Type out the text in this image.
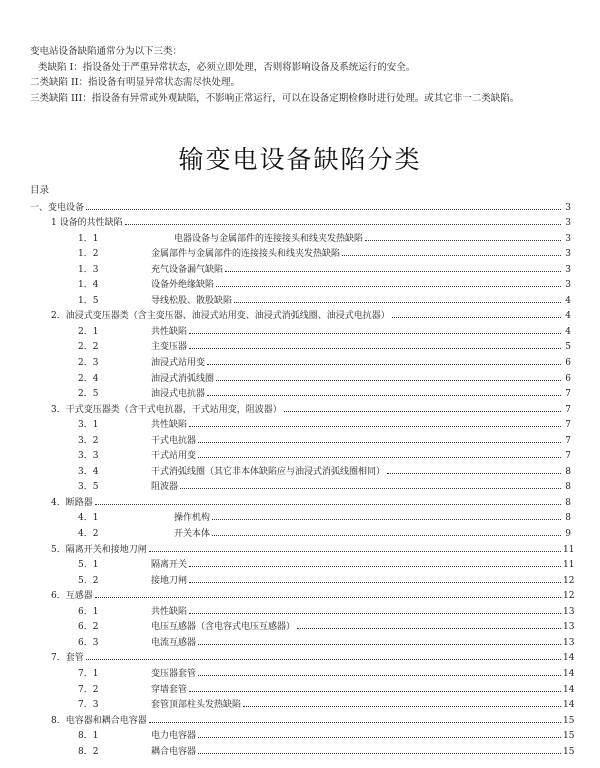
变电站设备缺陷通常分为以下三类：

类缺陷 I：指设备处于严重异常状态，必须立即处理，否则将影响设备及系统运行的安全。

二类缺陷 II：指设备有明显异常状态需尽快处理。

三类缺陷 III：指设备有异常或外观缺陷，不影响正常运行，可以在设备定期检修时进行处理。或其它非一二类缺陷。

输变电设备缺陷分类
目录
一、变电设备	3
1 设备的共性缺陷	3
1．1	电器设备与金属部件的连接接头和线夹发热缺陷	3
1．2	金属部件与金属部件的连接接头和线夹发热缺陷	3
1．3	充气设备漏气缺陷	3
1．4	设备外绝缘缺陷	3
1．5	导线松股、散股缺陷	4
2．油浸式变压器类（含主变压器、油浸式站用变、油浸式消弧线圈、油浸式电抗器）	4
2．1	共性缺陷	4
2．2	主变压器	5
2．3	油浸式站用变	6
2．4	油浸式消弧线圈	6
2．5	油浸式电抗器	7
3．干式变压器类（含干式电抗器，干式站用变，阻波器）	7
3．1	共性缺陷	7
3．2	干式电抗器	7
3．3	干式站用变	7
3．4	干式消弧线圈（其它非本体缺陷应与油浸式消弧线圈相同）	8
3．5	阻波器	8
4．断路器	8
4．1	操作机构	8
4．2	开关本体	9
5．隔离开关和接地刀闸	11
5．1	隔离开关	11
5．2	接地刀闸	12
6．互感器	12
6．1	共性缺陷	13
6．2	电压互感器（含电容式电压互感器）	13
6．3	电流互感器	13
7．套管	14
7．1	变压器套管	14
7．2	穿墙套管	14
7．3	套管顶部柱头发热缺陷	14
8．电容器和耦合电容器	15
8．1	电力电容器	15
8．2	耦合电容器	15
